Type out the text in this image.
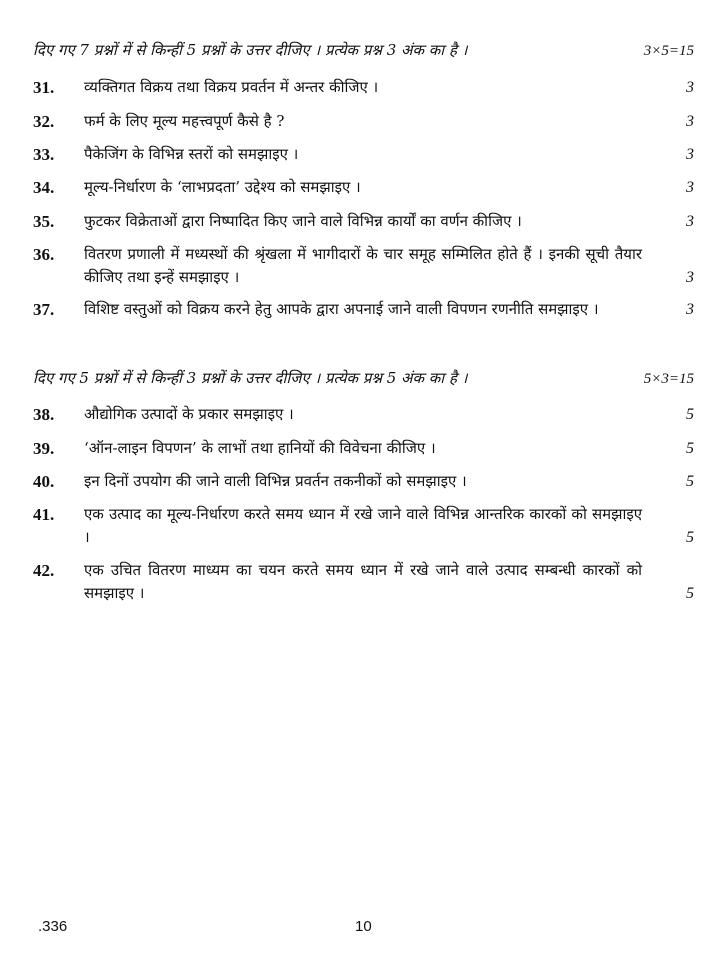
दिए गए 7 प्रश्नों में से किन्हीं 5 प्रश्नों के उत्तर दीजिए । प्रत्येक प्रश्न 3 अंक का है ।	3×5=15
31. व्यक्तिगत विक्रय तथा विक्रय प्रवर्तन में अन्तर कीजिए ।	3
32. फर्म के लिए मूल्य महत्त्वपूर्ण कैसे है ?	3
33. पैकेजिंग के विभिन्न स्तरों को समझाइए ।	3
34. मूल्य-निर्धारण के ‘लाभप्रदता’ उद्देश्य को समझाइए ।	3
35. फुटकर विक्रेताओं द्वारा निष्पादित किए जाने वाले विभिन्न कार्यों का वर्णन कीजिए ।	3
36. वितरण प्रणाली में मध्यस्थों की श्रृंखला में भागीदारों के चार समूह सम्मिलित होते हैं । इनकी सूची तैयार कीजिए तथा इन्हें समझाइए ।	3
37. विशिष्ट वस्तुओं को विक्रय करने हेतु आपके द्वारा अपनाई जाने वाली विपणन रणनीति समझाइए ।	3
दिए गए 5 प्रश्नों में से किन्हीं 3 प्रश्नों के उत्तर दीजिए । प्रत्येक प्रश्न 5 अंक का है ।	5×3=15
38. औद्योगिक उत्पादों के प्रकार समझाइए ।	5
39. ‘ऑन-लाइन विपणन’ के लाभों तथा हानियों की विवेचना कीजिए ।	5
40. इन दिनों उपयोग की जाने वाली विभिन्न प्रवर्तन तकनीकों को समझाइए ।	5
41. एक उत्पाद का मूल्य-निर्धारण करते समय ध्यान में रखे जाने वाले विभिन्न आन्तरिक कारकों को समझाइए ।	5
42. एक उचित वितरण माध्यम का चयन करते समय ध्यान में रखे जाने वाले उत्पाद सम्बन्धी कारकों को समझाइए ।	5
.336	10
